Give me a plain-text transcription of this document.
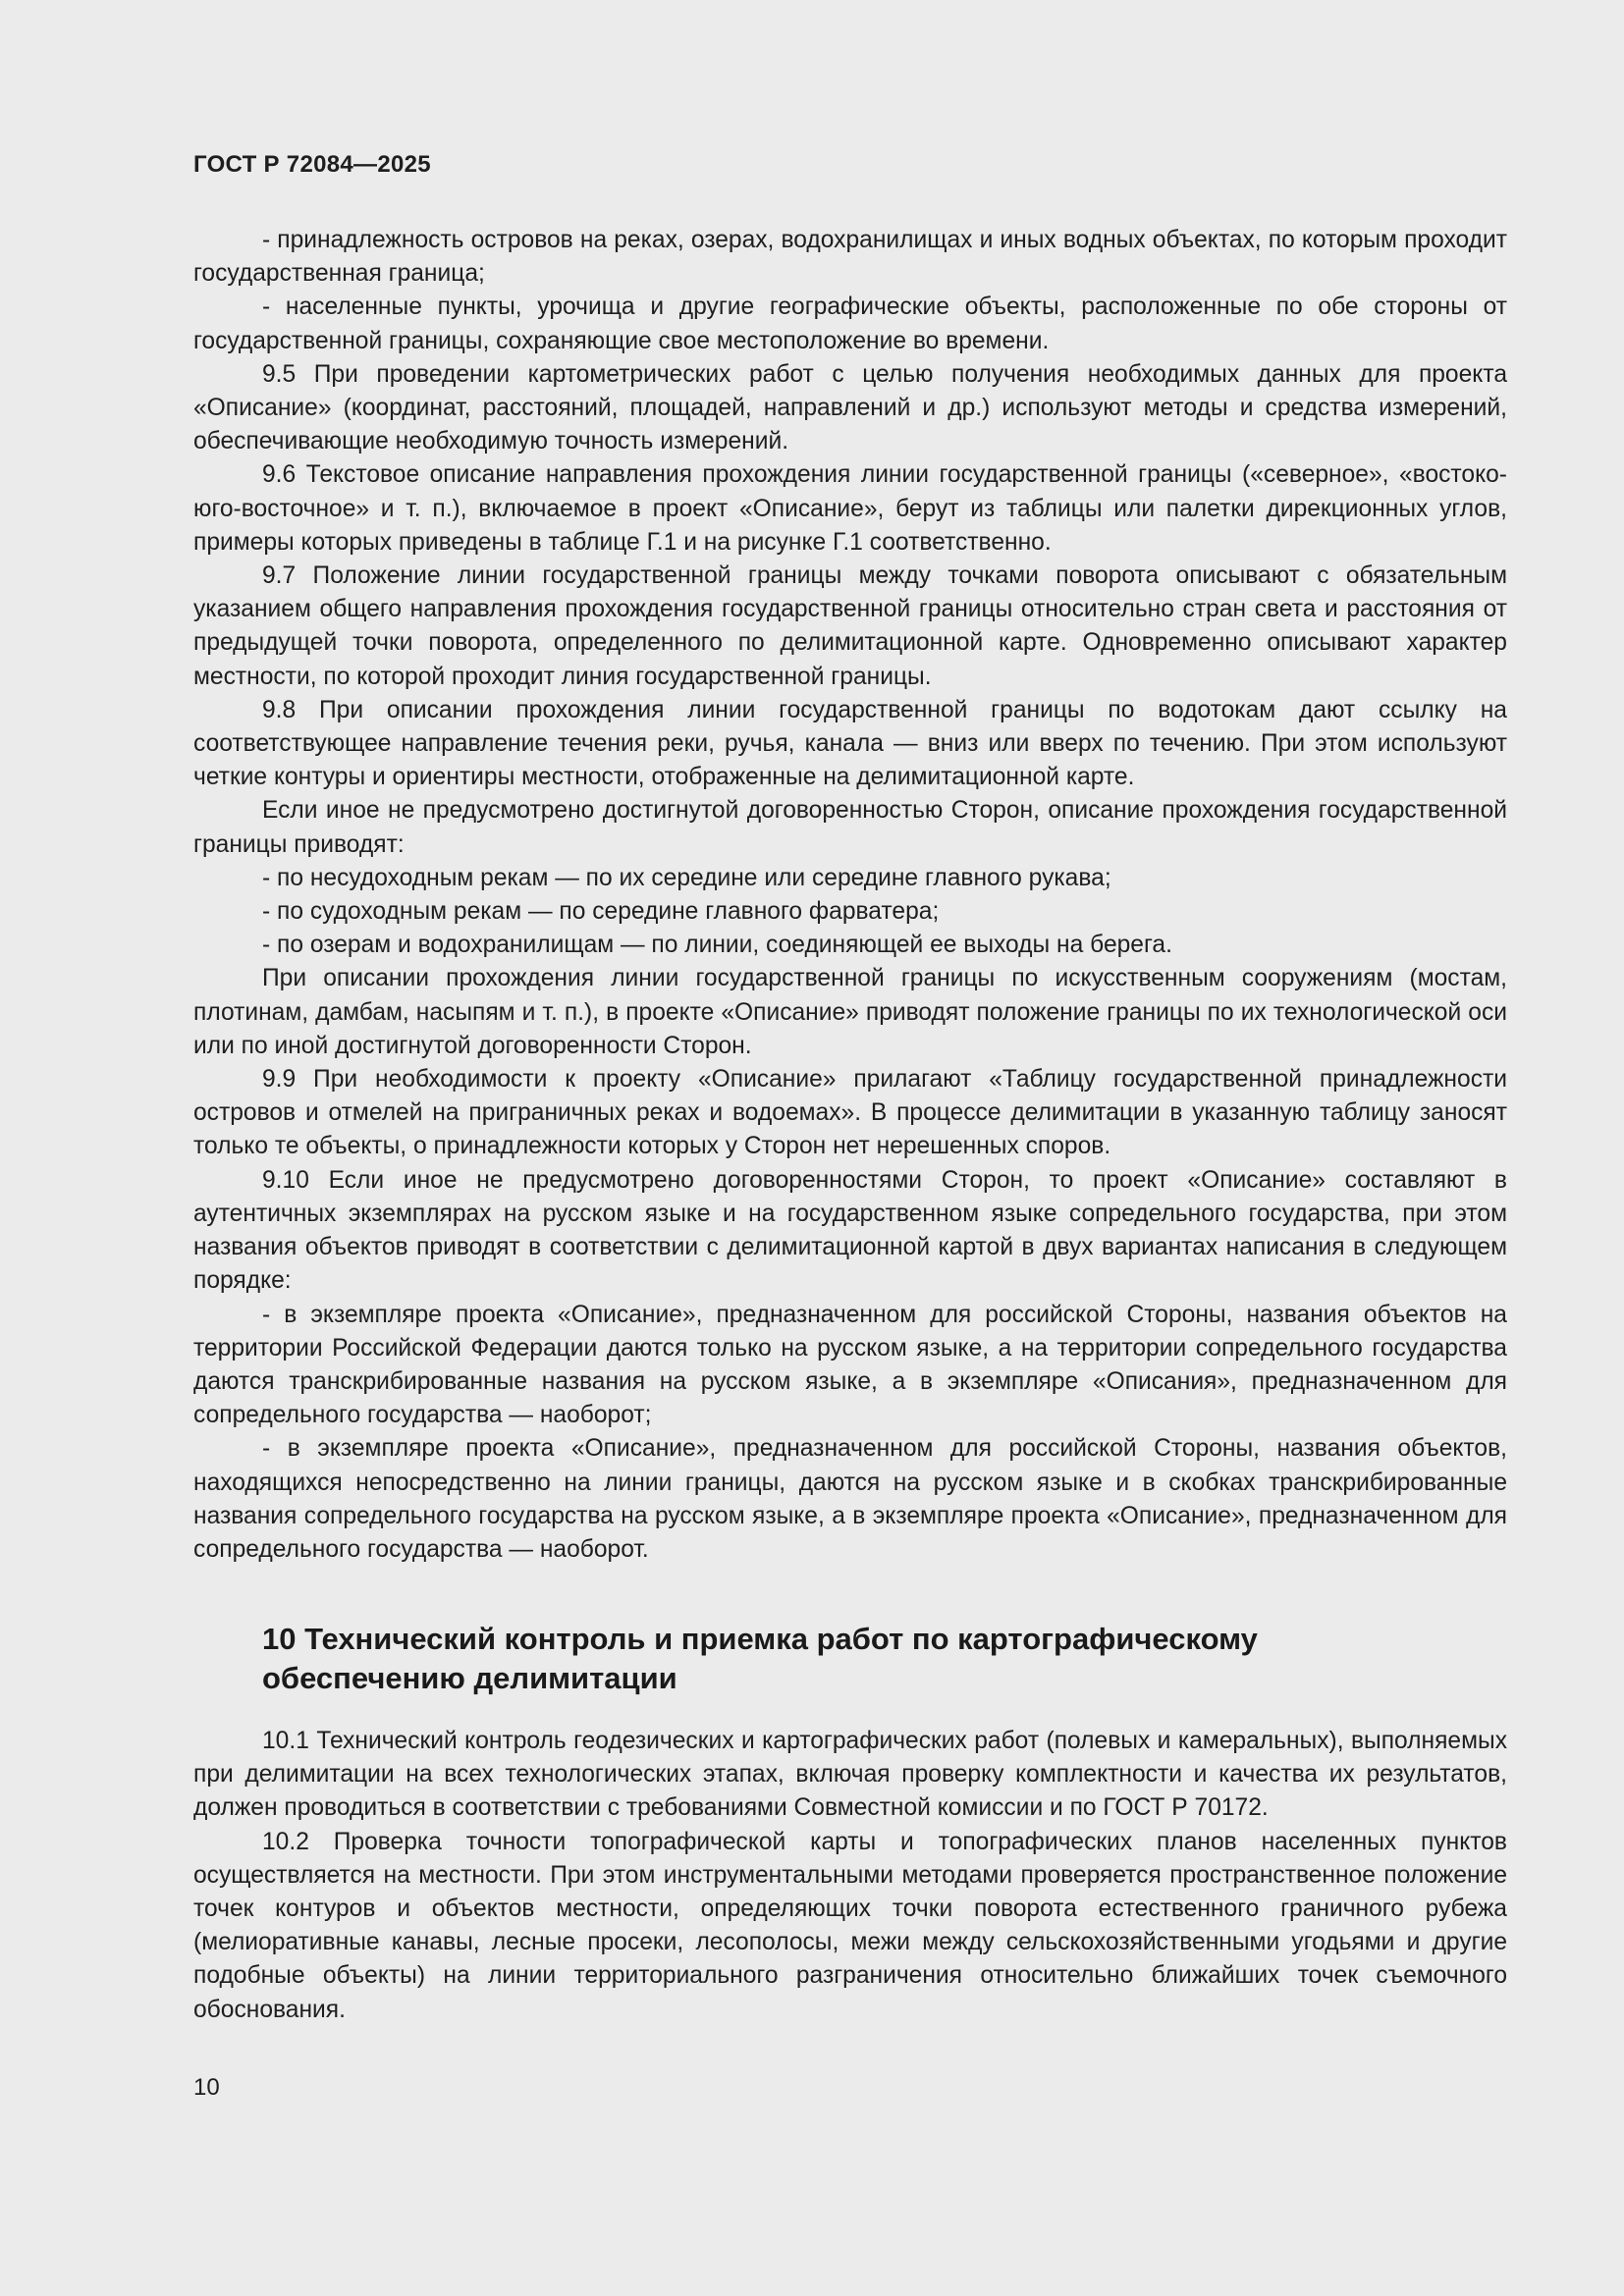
ГОСТ Р 72084—2025

- принадлежность островов на реках, озерах, водохранилищах и иных водных объектах, по которым проходит государственная граница;

- населенные пункты, урочища и другие географические объекты, расположенные по обе стороны от государственной границы, сохраняющие свое местоположение во времени.

9.5 При проведении картометрических работ с целью получения необходимых данных для проекта «Описание» (координат, расстояний, площадей, направлений и др.) используют методы и средства измерений, обеспечивающие необходимую точность измерений.

9.6 Текстовое описание направления прохождения линии государственной границы («северное», «востоко-юго-восточное» и т. п.), включаемое в проект «Описание», берут из таблицы или палетки дирекционных углов, примеры которых приведены в таблице Г.1 и на рисунке Г.1 соответственно.

9.7 Положение линии государственной границы между точками поворота описывают с обязательным указанием общего направления прохождения государственной границы относительно стран света и расстояния от предыдущей точки поворота, определенного по делимитационной карте. Одновременно описывают характер местности, по которой проходит линия государственной границы.

9.8 При описании прохождения линии государственной границы по водотокам дают ссылку на соответствующее направление течения реки, ручья, канала — вниз или вверх по течению. При этом используют четкие контуры и ориентиры местности, отображенные на делимитационной карте.

Если иное не предусмотрено достигнутой договоренностью Сторон, описание прохождения государственной границы приводят:

- по несудоходным рекам — по их середине или середине главного рукава;

- по судоходным рекам — по середине главного фарватера;

- по озерам и водохранилищам — по линии, соединяющей ее выходы на берега.

При описании прохождения линии государственной границы по искусственным сооружениям (мостам, плотинам, дамбам, насыпям и т. п.), в проекте «Описание» приводят положение границы по их технологической оси или по иной достигнутой договоренности Сторон.

9.9 При необходимости к проекту «Описание» прилагают «Таблицу государственной принадлежности островов и отмелей на приграничных реках и водоемах». В процессе делимитации в указанную таблицу заносят только те объекты, о принадлежности которых у Сторон нет нерешенных споров.

9.10 Если иное не предусмотрено договоренностями Сторон, то проект «Описание» составляют в аутентичных экземплярах на русском языке и на государственном языке сопредельного государства, при этом названия объектов приводят в соответствии с делимитационной картой в двух вариантах написания в следующем порядке:

- в экземпляре проекта «Описание», предназначенном для российской Стороны, названия объектов на территории Российской Федерации даются только на русском языке, а на территории сопредельного государства даются транскрибированные названия на русском языке, а в экземпляре «Описания», предназначенном для сопредельного государства — наоборот;

- в экземпляре проекта «Описание», предназначенном для российской Стороны, названия объектов, находящихся непосредственно на линии границы, даются на русском языке и в скобках транскрибированные названия сопредельного государства на русском языке, а в экземпляре проекта «Описание», предназначенном для сопредельного государства — наоборот.

10 Технический контроль и приемка работ по картографическому обеспечению делимитации

10.1 Технический контроль геодезических и картографических работ (полевых и камеральных), выполняемых при делимитации на всех технологических этапах, включая проверку комплектности и качества их результатов, должен проводиться в соответствии с требованиями Совместной комиссии и по ГОСТ Р 70172.

10.2 Проверка точности топографической карты и топографических планов населенных пунктов осуществляется на местности. При этом инструментальными методами проверяется пространственное положение точек контуров и объектов местности, определяющих точки поворота естественного граничного рубежа (мелиоративные канавы, лесные просеки, лесополосы, межи между сельскохозяйственными угодьями и другие подобные объекты) на линии территориального разграничения относительно ближайших точек съемочного обоснования.

10
